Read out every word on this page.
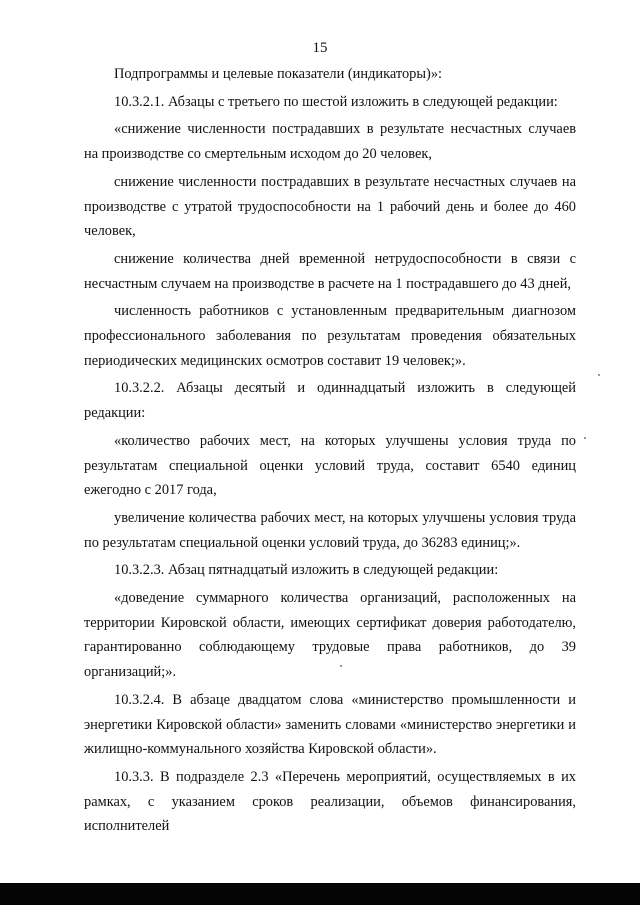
15

Подпрограммы и целевые показатели (индикаторы)»:

10.3.2.1. Абзацы с третьего по шестой изложить в следующей редакции:

«снижение численности пострадавших в результате несчастных случаев на производстве со смертельным исходом до 20 человек,

снижение численности пострадавших в результате несчастных случаев на производстве с утратой трудоспособности на 1 рабочий день и более до 460 человек,

снижение количества дней временной нетрудоспособности в связи с несчастным случаем на производстве в расчете на 1 пострадавшего до 43 дней,

численность работников с установленным предварительным диагнозом профессионального заболевания по результатам проведения обязательных периодических медицинских осмотров составит 19 человек;».

10.3.2.2. Абзацы десятый и одиннадцатый изложить в следующей редакции:

«количество рабочих мест, на которых улучшены условия труда по результатам специальной оценки условий труда, составит 6540 единиц ежегодно с 2017 года,

увеличение количества рабочих мест, на которых улучшены условия труда по результатам специальной оценки условий труда, до 36283 единиц;».

10.3.2.3. Абзац пятнадцатый изложить в следующей редакции:

«доведение суммарного количества организаций, расположенных на территории Кировской области, имеющих сертификат доверия работодателю, гарантированно соблюдающему трудовые права работников, до 39 организаций;».

10.3.2.4. В абзаце двадцатом слова «министерство промышленности и энергетики Кировской области» заменить словами «министерство энергетики и жилищно-коммунального хозяйства Кировской области».

10.3.3. В подразделе 2.3 «Перечень мероприятий, осуществляемых в их рамках, с указанием сроков реализации, объемов финансирования, исполнителей
